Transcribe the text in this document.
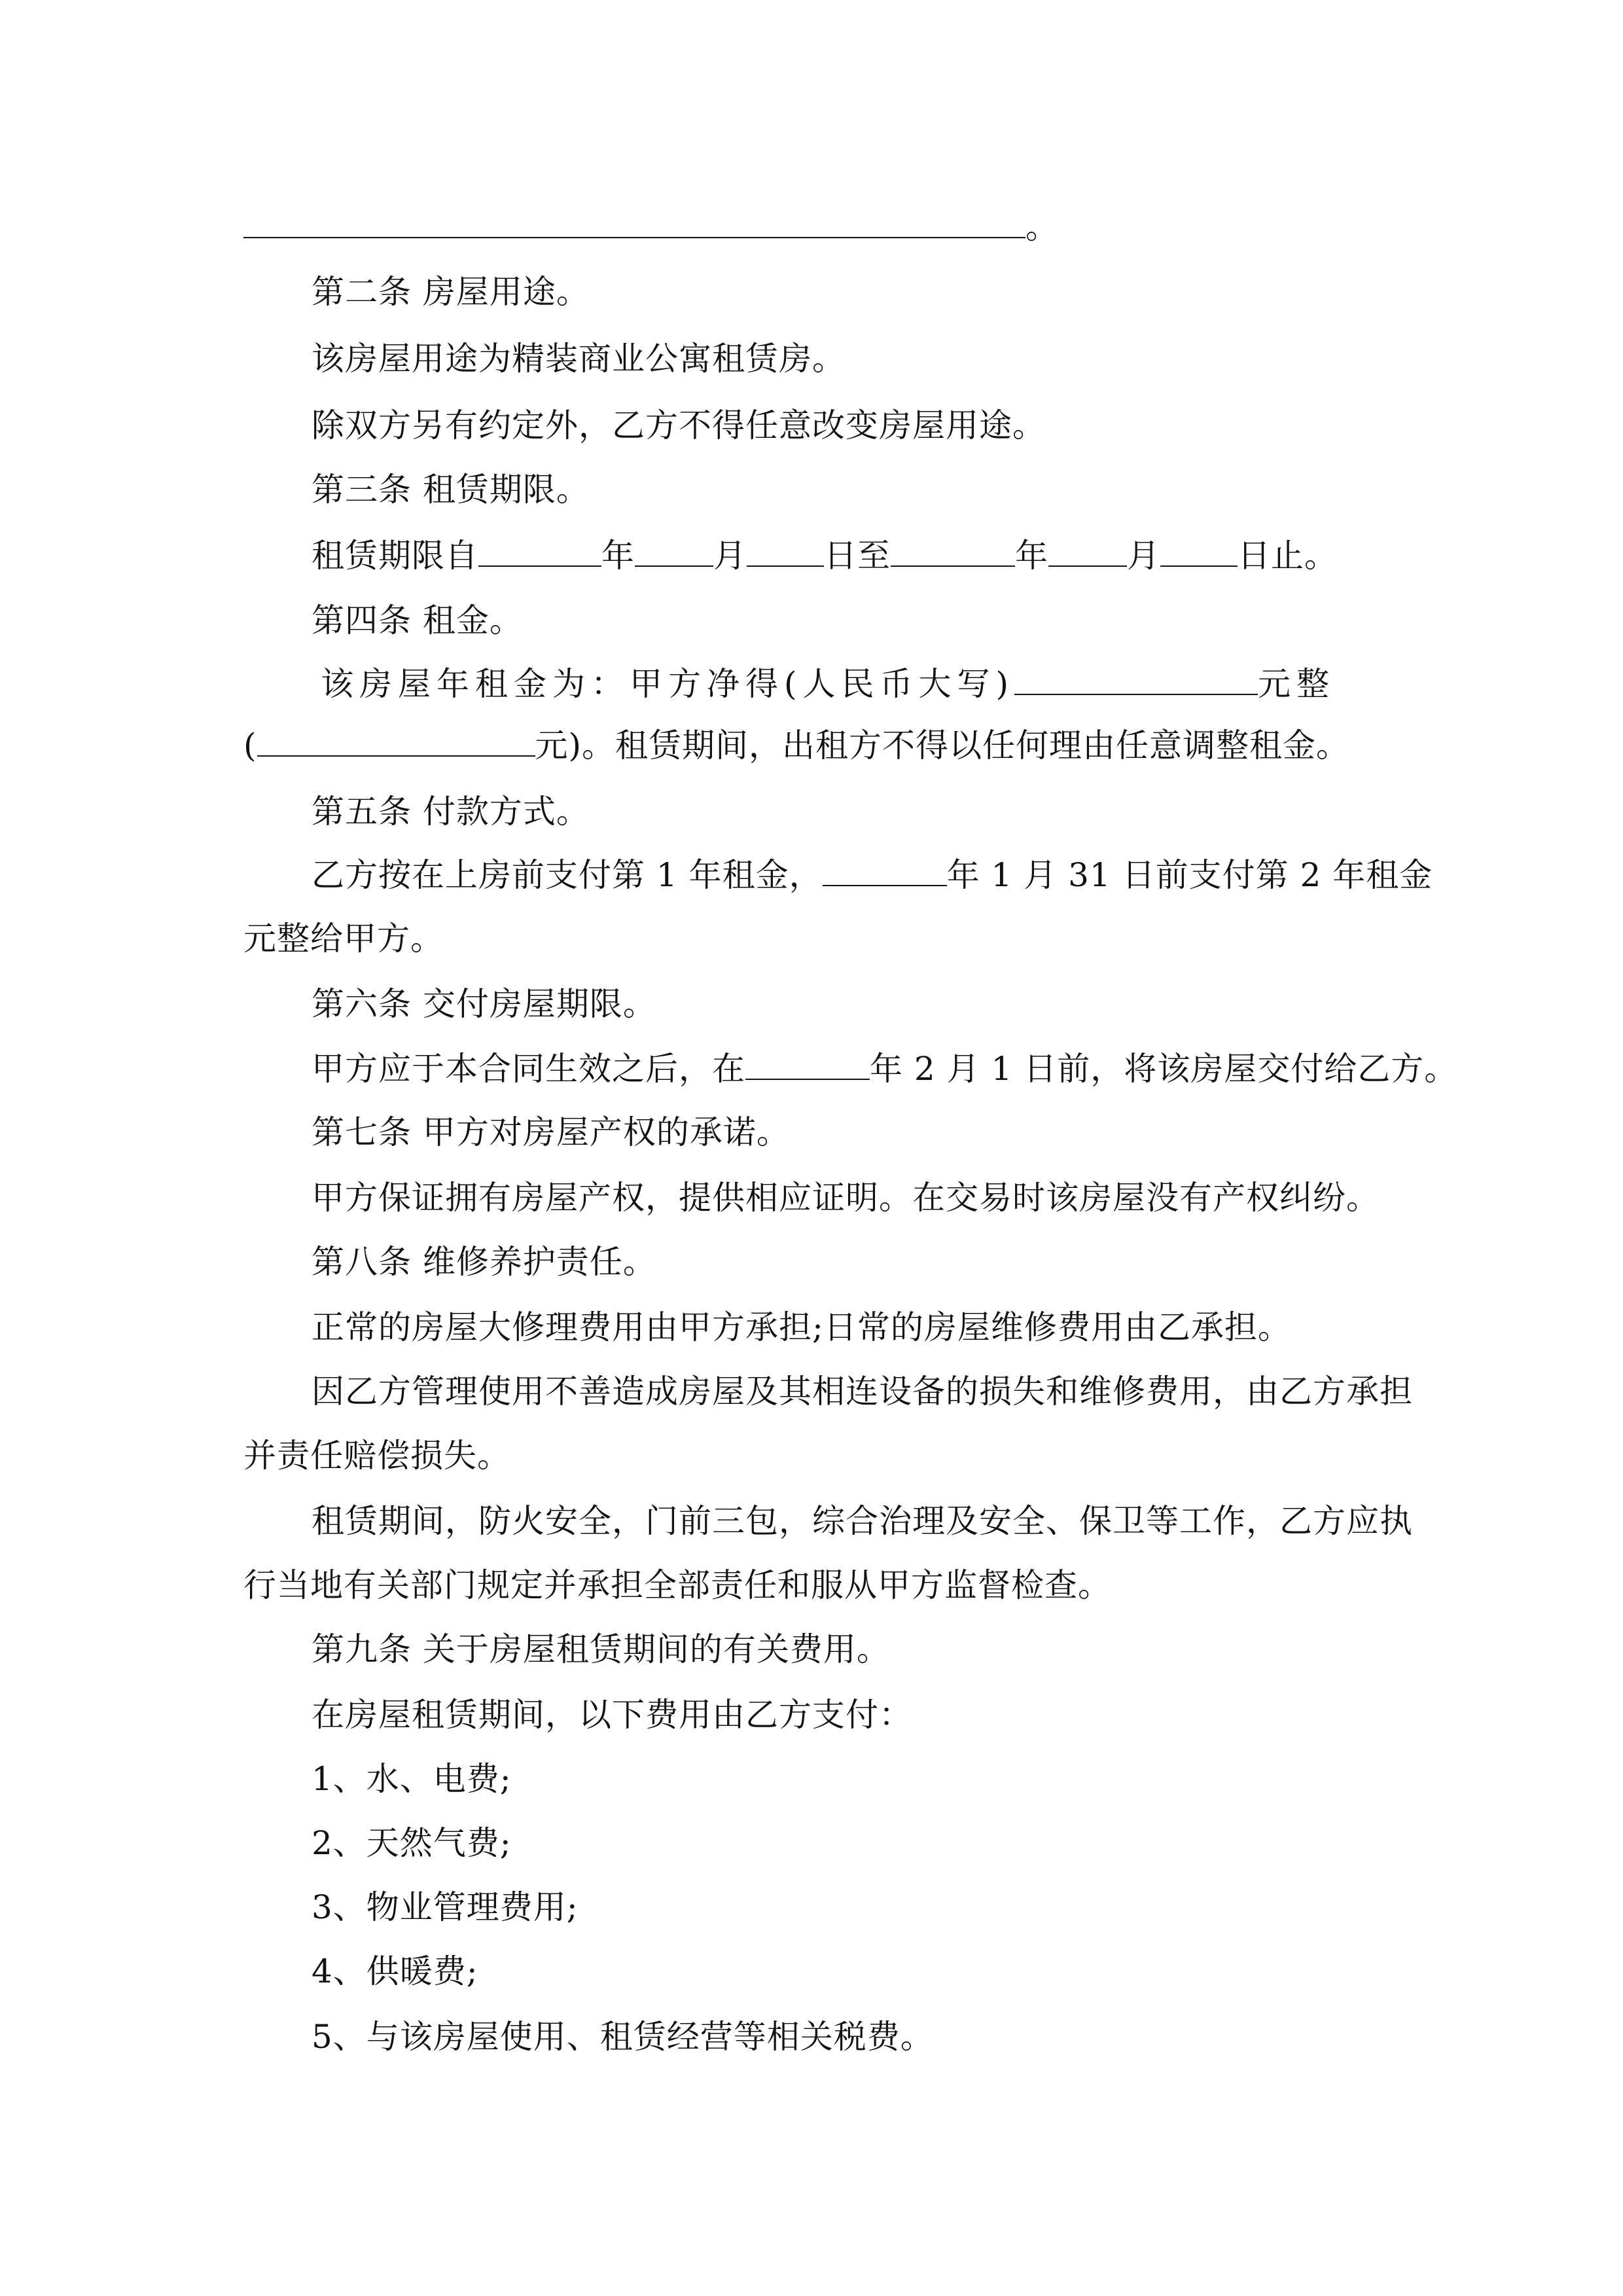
。
第二条 房屋用途。
该房屋用途为精装商业公寓租赁房。
除双方另有约定外，乙方不得任意改变房屋用途。
第三条 租赁期限。
租赁期限自	年 月 日至	年 月 日止。
第四条 租金。
该房屋年租金为：甲方净得(人民币大写)	元整
(	元)。租赁期间，出租方不得以任何理由任意调整租金。
第五条 付款方式。
乙方按在上房前支付第 1 年租金，	年 1 月 31 日前支付第 2 年租金
元整给甲方。
第六条 交付房屋期限。
甲方应于本合同生效之后，在	年 2 月 1 日前，将该房屋交付给乙方。
第七条 甲方对房屋产权的承诺。
甲方保证拥有房屋产权，提供相应证明。在交易时该房屋没有产权纠纷。
第八条 维修养护责任。
正常的房屋大修理费用由甲方承担;日常的房屋维修费用由乙承担。
因乙方管理使用不善造成房屋及其相连设备的损失和维修费用，由乙方承担
并责任赔偿损失。
租赁期间，防火安全，门前三包，综合治理及安全、保卫等工作，乙方应执
行当地有关部门规定并承担全部责任和服从甲方监督检查。
第九条 关于房屋租赁期间的有关费用。
在房屋租赁期间，以下费用由乙方支付：
1、水、电费;
2、天然气费;
3、物业管理费用;
4、供暖费;
5、与该房屋使用、租赁经营等相关税费。
